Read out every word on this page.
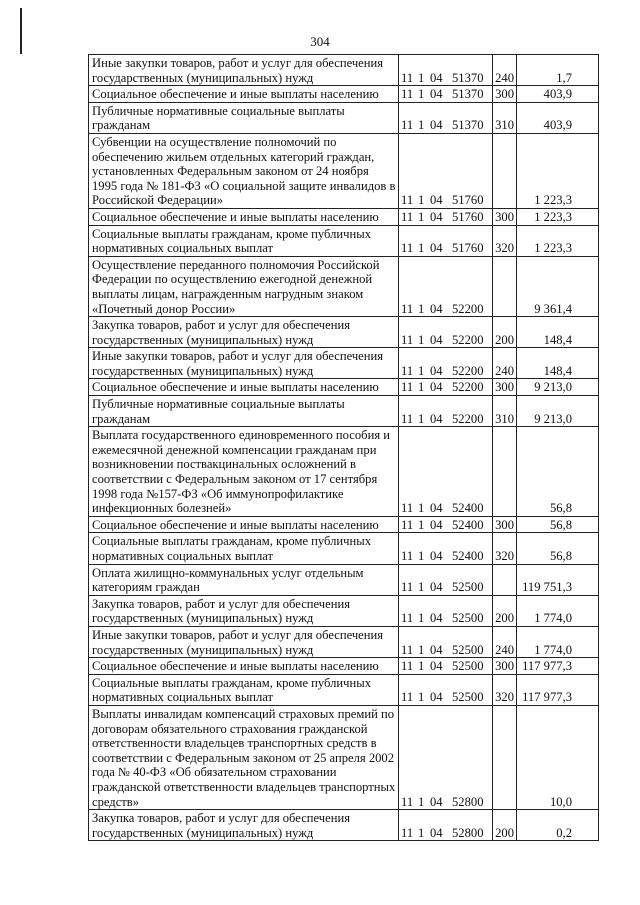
304
Иные закупки товаров, работ и услуг для обеспечения государственных (муниципальных) нужд	11 1 04 51370	240	1,7
Социальное обеспечение и иные выплаты населению	11 1 04 51370	300	403,9
Публичные нормативные социальные выплаты гражданам	11 1 04 51370	310	403,9
Субвенции на осуществление полномочий по обеспечению жильем отдельных категорий граждан, установленных Федеральным законом от 24 ноября 1995 года № 181-ФЗ «О социальной защите инвалидов в Российской Федерации»	11 1 04 51760		1 223,3
Социальное обеспечение и иные выплаты населению	11 1 04 51760	300	1 223,3
Социальные выплаты гражданам, кроме публичных нормативных социальных выплат	11 1 04 51760	320	1 223,3
Осуществление переданного полномочия Российской Федерации по осуществлению ежегодной денежной выплаты лицам, награжденным нагрудным знаком «Почетный донор России»	11 1 04 52200		9 361,4
Закупка товаров, работ и услуг для обеспечения государственных (муниципальных) нужд	11 1 04 52200	200	148,4
Иные закупки товаров, работ и услуг для обеспечения государственных (муниципальных) нужд	11 1 04 52200	240	148,4
Социальное обеспечение и иные выплаты населению	11 1 04 52200	300	9 213,0
Публичные нормативные социальные выплаты гражданам	11 1 04 52200	310	9 213,0
Выплата государственного единовременного пособия и ежемесячной денежной компенсации гражданам при возникновении поствакцинальных осложнений в соответствии с Федеральным законом от 17 сентября 1998 года №157-ФЗ «Об иммунопрофилактике инфекционных болезней»	11 1 04 52400		56,8
Социальное обеспечение и иные выплаты населению	11 1 04 52400	300	56,8
Социальные выплаты гражданам, кроме публичных нормативных социальных выплат	11 1 04 52400	320	56,8
Оплата жилищно-коммунальных услуг отдельным категориям граждан	11 1 04 52500		119 751,3
Закупка товаров, работ и услуг для обеспечения государственных (муниципальных) нужд	11 1 04 52500	200	1 774,0
Иные закупки товаров, работ и услуг для обеспечения государственных (муниципальных) нужд	11 1 04 52500	240	1 774,0
Социальное обеспечение и иные выплаты населению	11 1 04 52500	300	117 977,3
Социальные выплаты гражданам, кроме публичных нормативных социальных выплат	11 1 04 52500	320	117 977,3
Выплаты инвалидам компенсаций страховых премий по договорам обязательного страхования гражданской ответственности владельцев транспортных средств в соответствии с Федеральным законом от 25 апреля 2002 года № 40-ФЗ «Об обязательном страховании гражданской ответственности владельцев транспортных средств»	11 1 04 52800		10,0
Закупка товаров, работ и услуг для обеспечения государственных (муниципальных) нужд	11 1 04 52800	200	0,2
